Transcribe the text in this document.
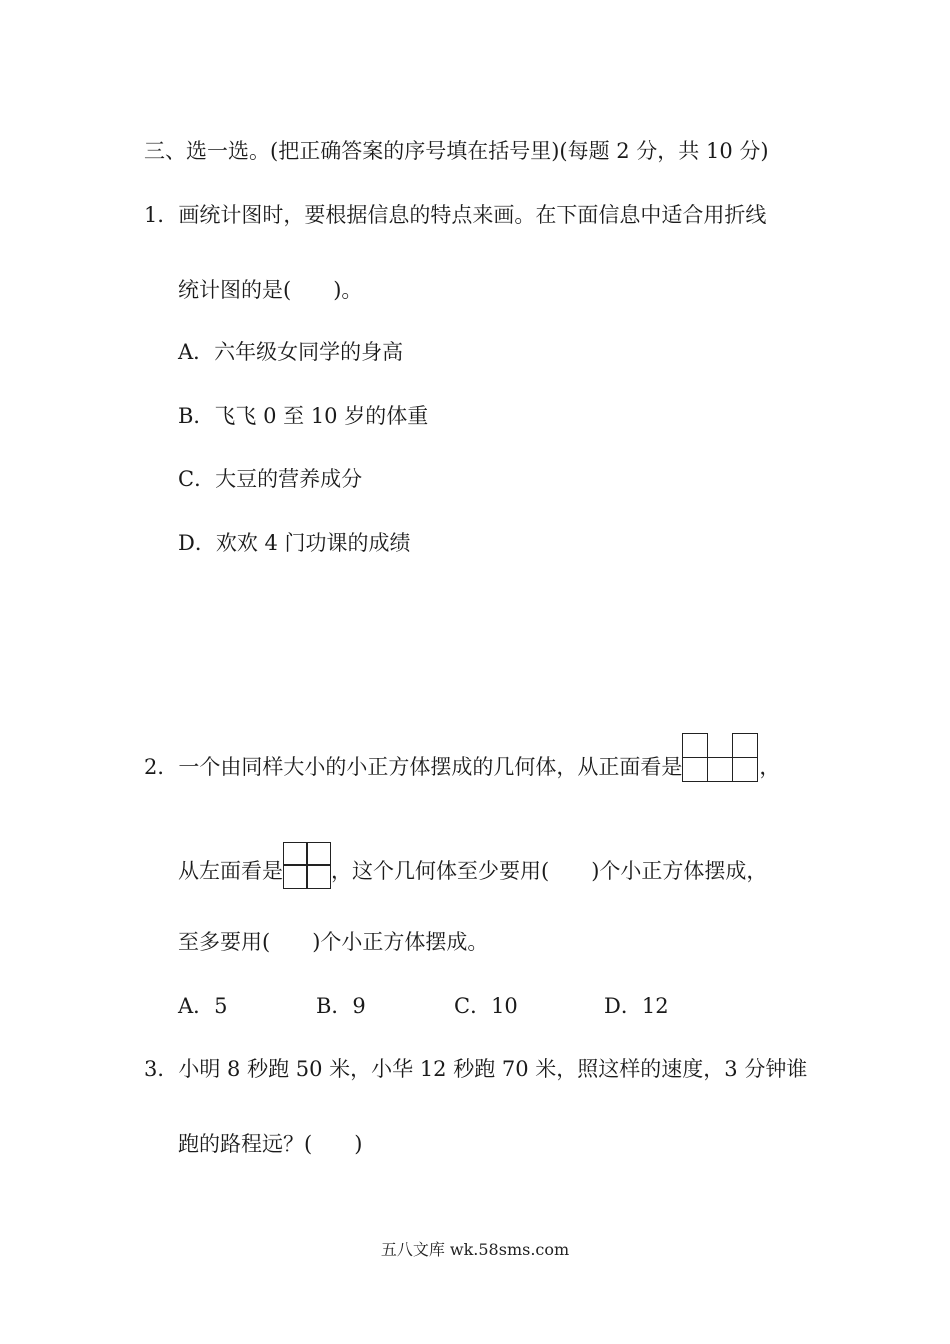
三、选一选。(把正确答案的序号填在括号里)(每题 2 分，共 10 分)
1．画统计图时，要根据信息的特点来画。在下面信息中适合用折线
统计图的是(　　)。
A．六年级女同学的身高
B．飞飞 0 至 10 岁的体重
C．大豆的营养成分
D．欢欢 4 门功课的成绩
2．一个由同样大小的小正方体摆成的几何体，从正面看是	，
从左面看是 ，这个几何体至少要用(　　)个小正方体摆成，
至多要用(　　)个小正方体摆成。
A．5	B．9	C．10	D．12
3．小明 8 秒跑 50 米，小华 12 秒跑 70 米，照这样的速度，3 分钟谁
跑的路程远？(　　)
五八文库 wk.58sms.com
